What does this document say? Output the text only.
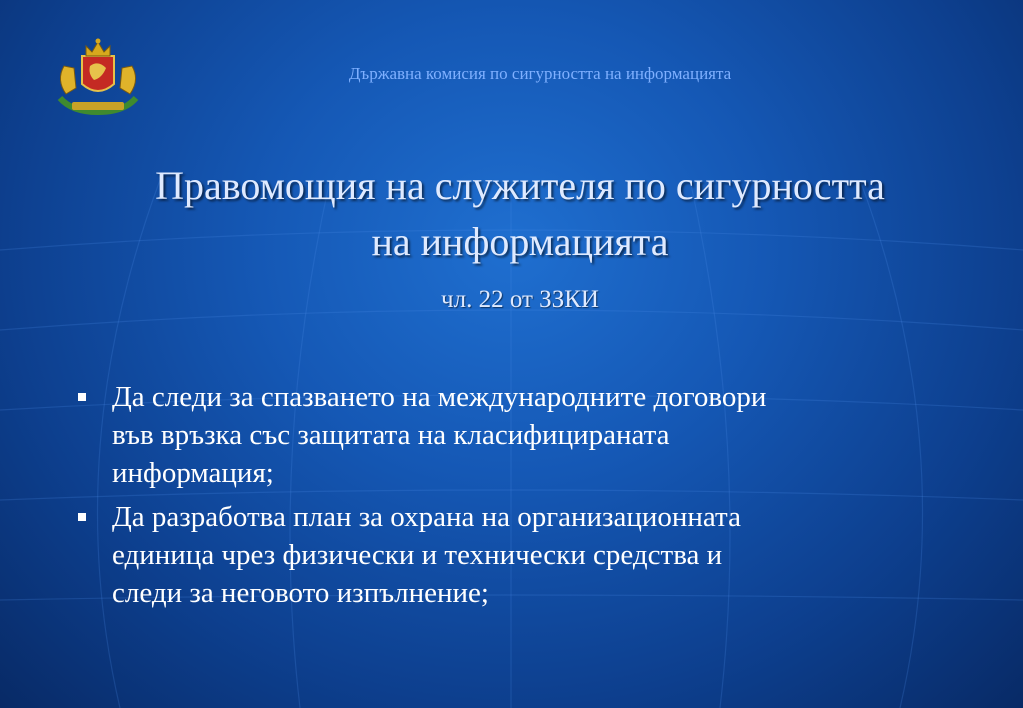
Държавна комисия по сигурността на информацията
Правомощия на служителя по сигурността
на информацията
чл. 22 от ЗЗКИ
Да следи за спазването на международните договори
във връзка със защитата на класифицираната
информация;
Да разработва план за охрана на организационната
единица чрез физически и технически средства и
следи за неговото изпълнение;
